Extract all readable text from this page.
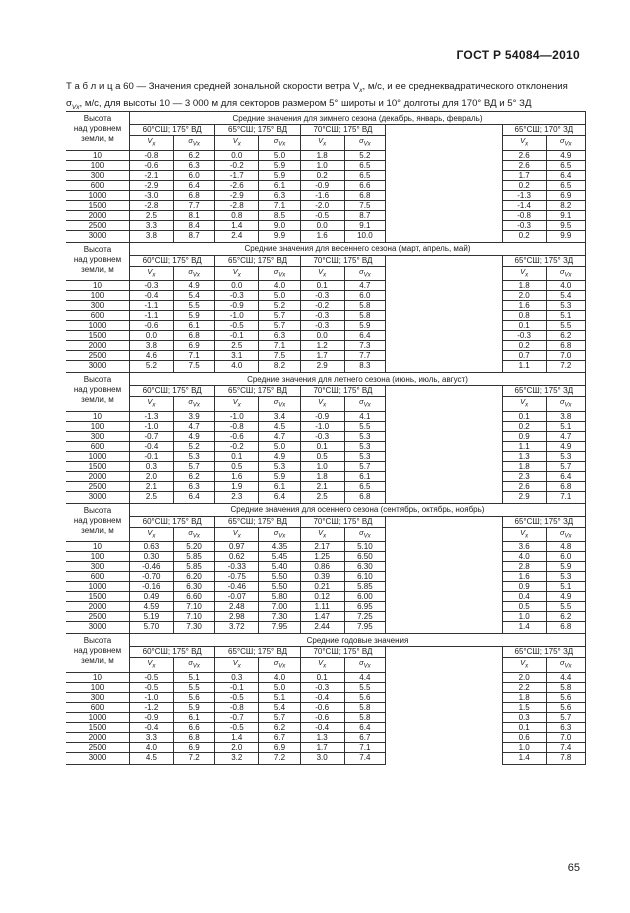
ГОСТ Р 54084—2010
Т а б л и ц а 60 — Значения средней зональной скорости ветра $V_x$, м/с, и ее среднеквадратического отклонения $\sigma_{Vx}$, м/с, для высоты 10 — 3 000 м для секторов размером 5° широты и 10° долготы для 170° ВД и 5° ЗД
Высота
над уровнем
земли, м	Средние значения для зимнего сезона (декабрь, январь, февраль)								
	60°СШ; 175° ВД		65°СШ; 175° ВД		70°СШ; 175° ВД			65°СШ; 170° ЗД	
	$V_x$	$\sigma_{Vx}$	$V_x$	$\sigma_{Vx}$	$V_x$	$\sigma_{Vx}$		$V_x$	$\sigma_{Vx}$
10	-0.8	6.2	0.0	5.0	1.8	5.2		2.6	4.9
100	-0.6	6.3	-0.2	5.9	1.0	6.5		2.6	6.5
300	-2.1	6.0	-1.7	5.9	0.2	6.5		1.7	6.4
600	-2.9	6.4	-2.6	6.1	-0.9	6.6		0.2	6.5
1000	-3.0	6.8	-2.9	6.3	-1.6	6.8		-1.3	6.9
1500	-2.8	7.7	-2.8	7.1	-2.0	7.5		-1.4	8.2
2000	2.5	8.1	0.8	8.5	-0.5	8.7		-0.8	9.1
2500	3.3	8.4	1.4	9.0	0.0	9.1		-0.3	9.5
3000	3.8	8.7	2.4	9.9	1.6	10.0		0.2	9.9

Высота
над уровнем
земли, м	Средние значения для весеннего сезона (март, апрель, май)								
	60°СШ; 175° ВД		65°СШ; 175° ВД		70°СШ; 175° ВД			65°СШ; 175° ЗД	
	$V_x$	$\sigma_{Vx}$	$V_x$	$\sigma_{Vx}$	$V_x$	$\sigma_{Vx}$		$V_x$	$\sigma_{Vx}$
10	-0.3	4.9	0.0	4.0	0.1	4.7		1.8	4.0
100	-0.4	5.4	-0.3	5.0	-0.3	6.0		2.0	5.4
300	-1.1	5.5	-0.9	5.2	-0.2	5.8		1.6	5.3
600	-1.1	5.9	-1.0	5.7	-0.3	5.8		0.8	5.1
1000	-0.6	6.1	-0.5	5.7	-0.3	5.9		0.1	5.5
1500	0.0	6.8	-0.1	6.3	0.0	6.4		-0.3	6.2
2000	3.8	6.9	2.5	7.1	1.2	7.3		0.2	6.8
2500	4.6	7.1	3.1	7.5	1.7	7.7		0.7	7.0
3000	5.2	7.5	4.0	8.2	2.9	8.3		1.1	7.2

Высота
над уровнем
земли, м	Средние значения для летнего сезона (июнь, июль, август)								
	60°СШ; 175° ВД		65°СШ; 175° ВД		70°СШ; 175° ВД			65°СШ; 175° ЗД	
	$V_x$	$\sigma_{Vx}$	$V_x$	$\sigma_{Vx}$	$V_x$	$\sigma_{Vx}$		$V_x$	$\sigma_{Vx}$
10	-1.3	3.9	-1.0	3.4	-0.9	4.1		0.1	3.8
100	-1.0	4.7	-0.8	4.5	-1.0	5.5		0.2	5.1
300	-0.7	4.9	-0.6	4.7	-0.3	5.3		0.9	4.7
600	-0.4	5.2	-0.2	5.0	0.1	5.3		1.1	4.9
1000	-0.1	5.3	0.1	4.9	0.5	5.3		1.3	5.3
1500	0.3	5.7	0.5	5.3	1.0	5.7		1.8	5.7
2000	2.0	6.2	1.6	5.9	1.8	6.1		2.3	6.4
2500	2.1	6.3	1.9	6.1	2.1	6.5		2.6	6.8
3000	2.5	6.4	2.3	6.4	2.5	6.8		2.9	7.1

Высота
над уровнем
земли, м	Средние значения для осеннего сезона (сентябрь, октябрь, ноябрь)								
	60°СШ; 175° ВД		65°СШ; 175° ВД		70°СШ; 175° ВД			65°СШ; 175° ЗД	
	$V_x$	$\sigma_{Vx}$	$V_x$	$\sigma_{Vx}$	$V_x$	$\sigma_{Vx}$		$V_x$	$\sigma_{Vx}$
10	0.63	5.20	0.97	4.35	2.17	5.10		3.6	4.8
100	0.30	5.85	0.62	5.45	1.25	6.50		4.0	6.0
300	-0.46	5.85	-0.33	5.40	0.86	6.30		2.8	5.9
600	-0.70	6.20	-0.75	5.50	0.39	6.10		1.6	5.3
1000	-0.16	6.30	-0.46	5.50	0.21	5.85		0.9	5.1
1500	0.49	6.60	-0.07	5.80	0.12	6.00		0.4	4.9
2000	4.59	7.10	2.48	7.00	1.11	6.95		0.5	5.5
2500	5.19	7.10	2.98	7.30	1.47	7.25		1.0	6.2
3000	5.70	7.30	3.72	7.95	2.44	7.95		1.4	6.8

Высота
над уровнем
земли, м	Средние годовые значения								
	60°СШ; 175° ВД		65°СШ; 175° ВД		70°СШ; 175° ВД			65°СШ; 175° ЗД	
	$V_x$	$\sigma_{Vx}$	$V_x$	$\sigma_{Vx}$	$V_x$	$\sigma_{Vx}$		$V_x$	$\sigma_{Vx}$
10	-0.5	5.1	0.3	4.0	0.1	4.4		2.0	4.4
100	-0.5	5.5	-0.1	5.0	-0.3	5.5		2.2	5.8
300	-1.0	5.6	-0.5	5.1	-0.4	5.6		1.8	5.6
600	-1.2	5.9	-0.8	5.4	-0.6	5.8		1.5	5.6
1000	-0.9	6.1	-0.7	5.7	-0.6	5.8		0.3	5.7
1500	-0.4	6.6	-0.5	6.2	-0.4	6.4		0.1	6.3
2000	3.3	6.8	1.4	6.7	1.3	6.7		0.6	7.0
2500	4.0	6.9	2.0	6.9	1.7	7.1		1.0	7.4
3000	4.5	7.2	3.2	7.2	3.0	7.4		1.4	7.8
65
